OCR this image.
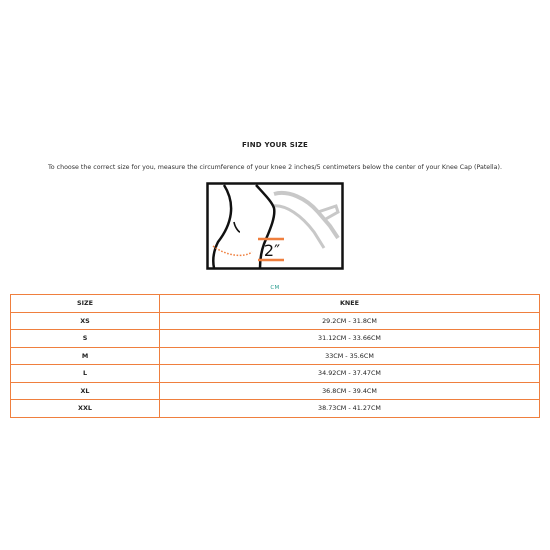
FIND YOUR SIZE
To choose the correct size for you, measure the circumference of your knee 2 inches/5 centimeters below the center of your Knee Cap (Patella).
2″
CM
SIZE	KNEE
XS	29.2CM - 31.8CM
S	31.12CM - 33.66CM
M	33CM - 35.6CM
L	34.92CM - 37.47CM
XL	36.8CM - 39.4CM
XXL	38.73CM - 41.27CM
